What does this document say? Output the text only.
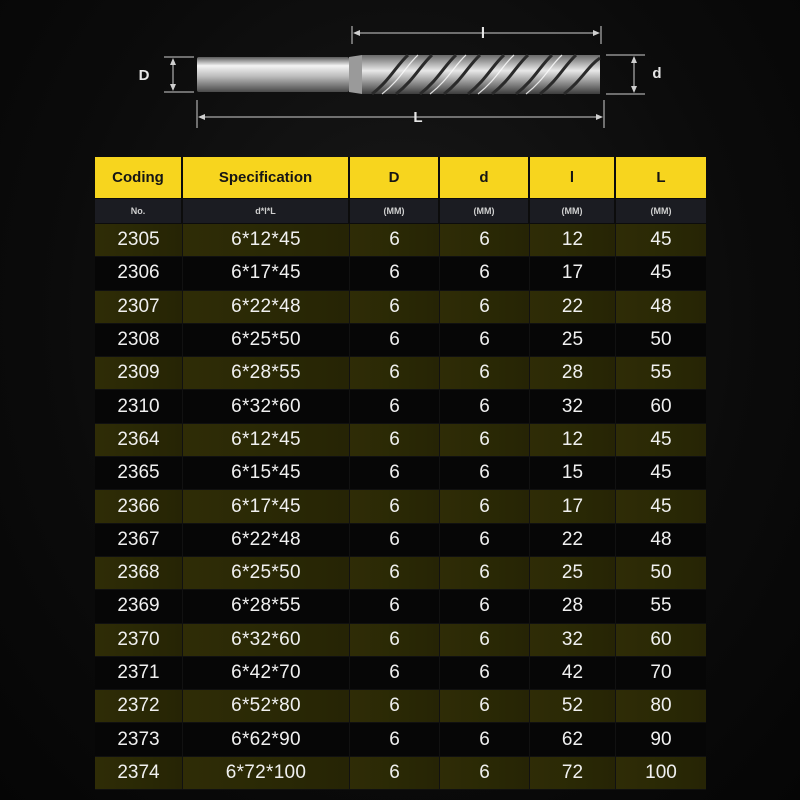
l
L
D	d
Coding	Specification	D	d	l	L
No.	d*l*L	(MM)	(MM)	(MM)	(MM)
2305	6*12*45	6	6	12	45
2306	6*17*45	6	6	17	45
2307	6*22*48	6	6	22	48
2308	6*25*50	6	6	25	50
2309	6*28*55	6	6	28	55
2310	6*32*60	6	6	32	60
2364	6*12*45	6	6	12	45
2365	6*15*45	6	6	15	45
2366	6*17*45	6	6	17	45
2367	6*22*48	6	6	22	48
2368	6*25*50	6	6	25	50
2369	6*28*55	6	6	28	55
2370	6*32*60	6	6	32	60
2371	6*42*70	6	6	42	70
2372	6*52*80	6	6	52	80
2373	6*62*90	6	6	62	90
2374	6*72*100	6	6	72	100
